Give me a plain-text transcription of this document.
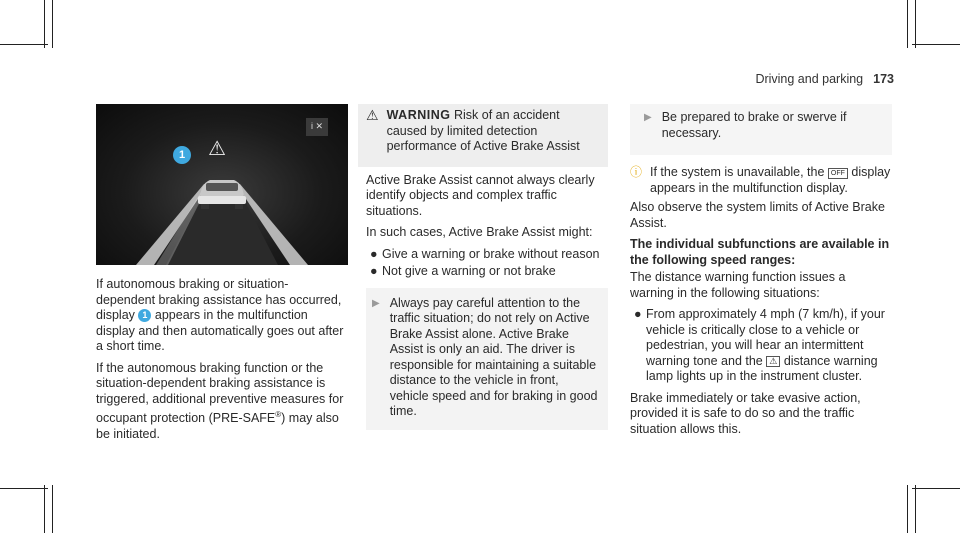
Driving and parking 173
i ✕
1 ⚠

If autonomous braking or situation-dependent braking assistance has occurred, display 1 appears in the multifunction display and then automatically goes out after a short time.

If the autonomous braking function or the situation-dependent braking assistance is triggered, additional preventive measures for occupant protection (PRE-SAFE®) may also be initiated.

⚠ WARNING Risk of an accident caused by limited detection performance of Active Brake Assist

Active Brake Assist cannot always clearly identify objects and complex traffic situations.

In such cases, Active Brake Assist might:

● Give a warning or brake without reason
● Not give a warning or not brake
▶ Always pay careful attention to the traffic situation; do not rely on Active Brake Assist alone. Active Brake Assist is only an aid. The driver is responsible for maintaining a suitable distance to the vehicle in front, vehicle speed and for braking in good time.
▶ Be prepared to brake or swerve if necessary.
ⓘ If the system is unavailable, the OFF display appears in the multifunction display.

Also observe the system limits of Active Brake Assist.

The individual subfunctions are available in the following speed ranges:

The distance warning function issues a warning in the following situations:

● From approximately 4 mph (7 km/h), if your vehicle is critically close to a vehicle or pedestrian, you will hear an intermittent warning tone and the ⚠ distance warning lamp lights up in the instrument cluster.

Brake immediately or take evasive action, provided it is safe to do so and the traffic situation allows this.
